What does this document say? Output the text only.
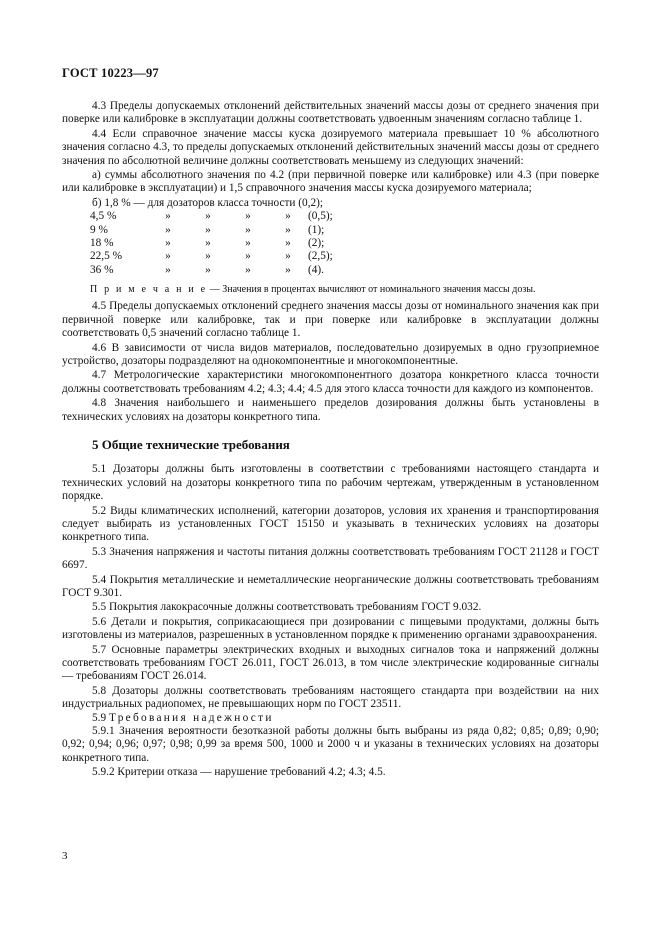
ГОСТ 10223—97

4.3 Пределы допускаемых отклонений действительных значений массы дозы от среднего значения при поверке или калибровке в эксплуатации должны соответствовать удвоенным значениям согласно таблице 1.

4.4 Если справочное значение массы куска дозируемого материала превышает 10 % абсолютного значения согласно 4.3, то пределы допускаемых отклонений действительных значений массы дозы от среднего значения по абсолютной величине должны соответствовать меньшему из следующих значений:

а) суммы абсолютного значения по 4.2 (при первичной поверке или калибровке) или 4.3 (при поверке или калибровке в эксплуатации) и 1,5 справочного значения массы куска дозируемого материала;

б) 1,8 % — для дозаторов класса точности (0,2);

4,5 %	»	»	»	»	(0,5);
9 %	»	»	»	»	(1);
18 %	»	»	»	»	(2);
22,5 %	»	»	»	»	(2,5);
36 %	»	»	»	»	(4).

П р и м е ч а н и е — Значения в процентах вычисляют от номинального значения массы дозы.

4.5 Пределы допускаемых отклонений среднего значения массы дозы от номинального значения как при первичной поверке или калибровке, так и при поверке или калибровке в эксплуатации должны соответствовать 0,5 значений согласно таблице 1.

4.6 В зависимости от числа видов материалов, последовательно дозируемых в одно грузоприемное устройство, дозаторы подразделяют на однокомпонентные и многокомпонентные.

4.7 Метрологические характеристики многокомпонентного дозатора конкретного класса точности должны соответствовать требованиям 4.2; 4.3; 4.4; 4.5 для этого класса точности для каждого из компонентов.

4.8 Значения наибольшего и наименьшего пределов дозирования должны быть установлены в технических условиях на дозаторы конкретного типа.

5 Общие технические требования

5.1 Дозаторы должны быть изготовлены в соответствии с требованиями настоящего стандарта и технических условий на дозаторы конкретного типа по рабочим чертежам, утвержденным в установленном порядке.

5.2 Виды климатических исполнений, категории дозаторов, условия их хранения и транспортирования следует выбирать из установленных ГОСТ 15150 и указывать в технических условиях на дозаторы конкретного типа.

5.3 Значения напряжения и частоты питания должны соответствовать требованиям ГОСТ 21128 и ГОСТ 6697.

5.4 Покрытия металлические и неметаллические неорганические должны соответствовать требованиям ГОСТ 9.301.

5.5 Покрытия лакокрасочные должны соответствовать требованиям ГОСТ 9.032.

5.6 Детали и покрытия, соприкасающиеся при дозировании с пищевыми продуктами, должны быть изготовлены из материалов, разрешенных в установленном порядке к применению органами здравоохранения.

5.7 Основные параметры электрических входных и выходных сигналов тока и напряжений должны соответствовать требованиям ГОСТ 26.011, ГОСТ 26.013, в том числе электрические кодированные сигналы — требованиям ГОСТ 26.014.

5.8 Дозаторы должны соответствовать требованиям настоящего стандарта при воздействии на них индустриальных радиопомех, не превышающих норм по ГОСТ 23511.

5.9 Требования надежности

5.9.1 Значения вероятности безотказной работы должны быть выбраны из ряда 0,82; 0,85; 0,89; 0,90; 0,92; 0,94; 0,96; 0,97; 0,98; 0,99 за время 500, 1000 и 2000 ч и указаны в технических условиях на дозаторы конкретного типа.

5.9.2 Критерии отказа — нарушение требований 4.2; 4.3; 4.5.

3
